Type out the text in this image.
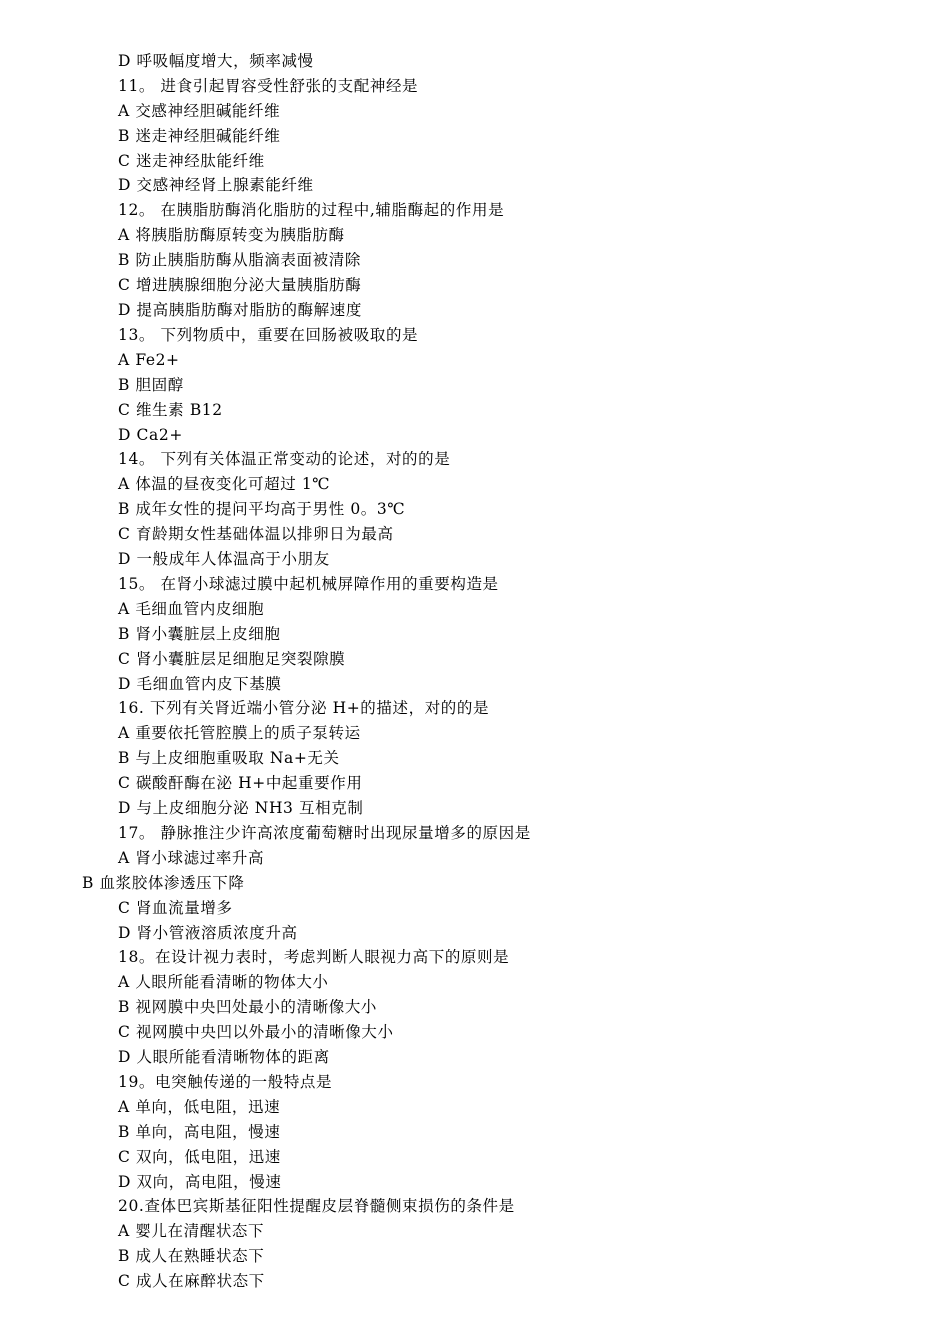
D 呼吸幅度增大，频率减慢
11。 进食引起胃容受性舒张的支配神经是
A 交感神经胆碱能纤维
B 迷走神经胆碱能纤维
C 迷走神经肽能纤维
D 交感神经肾上腺素能纤维
12。 在胰脂肪酶消化脂肪的过程中,辅脂酶起的作用是
A 将胰脂肪酶原转变为胰脂肪酶
B 防止胰脂肪酶从脂滴表面被清除
C 增进胰腺细胞分泌大量胰脂肪酶
D 提高胰脂肪酶对脂肪的酶解速度
13。 下列物质中，重要在回肠被吸取的是
A Fe2+
B 胆固醇
C 维生素 B12
D Ca2+
14。 下列有关体温正常变动的论述，对的的是
A 体温的昼夜变化可超过 1℃
B 成年女性的提问平均高于男性 0。3℃
C 育龄期女性基础体温以排卵日为最高
D 一般成年人体温高于小朋友
15。 在肾小球滤过膜中起机械屏障作用的重要构造是
A 毛细血管内皮细胞
B 肾小囊脏层上皮细胞
C 肾小囊脏层足细胞足突裂隙膜
D 毛细血管内皮下基膜
16. 下列有关肾近端小管分泌 H+的描述，对的的是
A 重要依托管腔膜上的质子泵转运
B 与上皮细胞重吸取 Na+无关
C 碳酸酐酶在泌 H+中起重要作用
D 与上皮细胞分泌 NH3 互相克制
17。 静脉推注少许高浓度葡萄糖时出现尿量增多的原因是
A 肾小球滤过率升高
B 血浆胶体渗透压下降
C 肾血流量增多
D 肾小管液溶质浓度升高
18。在设计视力表时，考虑判断人眼视力高下的原则是
A 人眼所能看清晰的物体大小
B 视网膜中央凹处最小的清晰像大小
C 视网膜中央凹以外最小的清晰像大小
D 人眼所能看清晰物体的距离
19。电突触传递的一般特点是
A 单向，低电阻，迅速
B 单向，高电阻，慢速
C 双向，低电阻，迅速
D 双向，高电阻，慢速
20.查体巴宾斯基征阳性提醒皮层脊髓侧束损伤的条件是
A 婴儿在清醒状态下
B 成人在熟睡状态下
C 成人在麻醉状态下
